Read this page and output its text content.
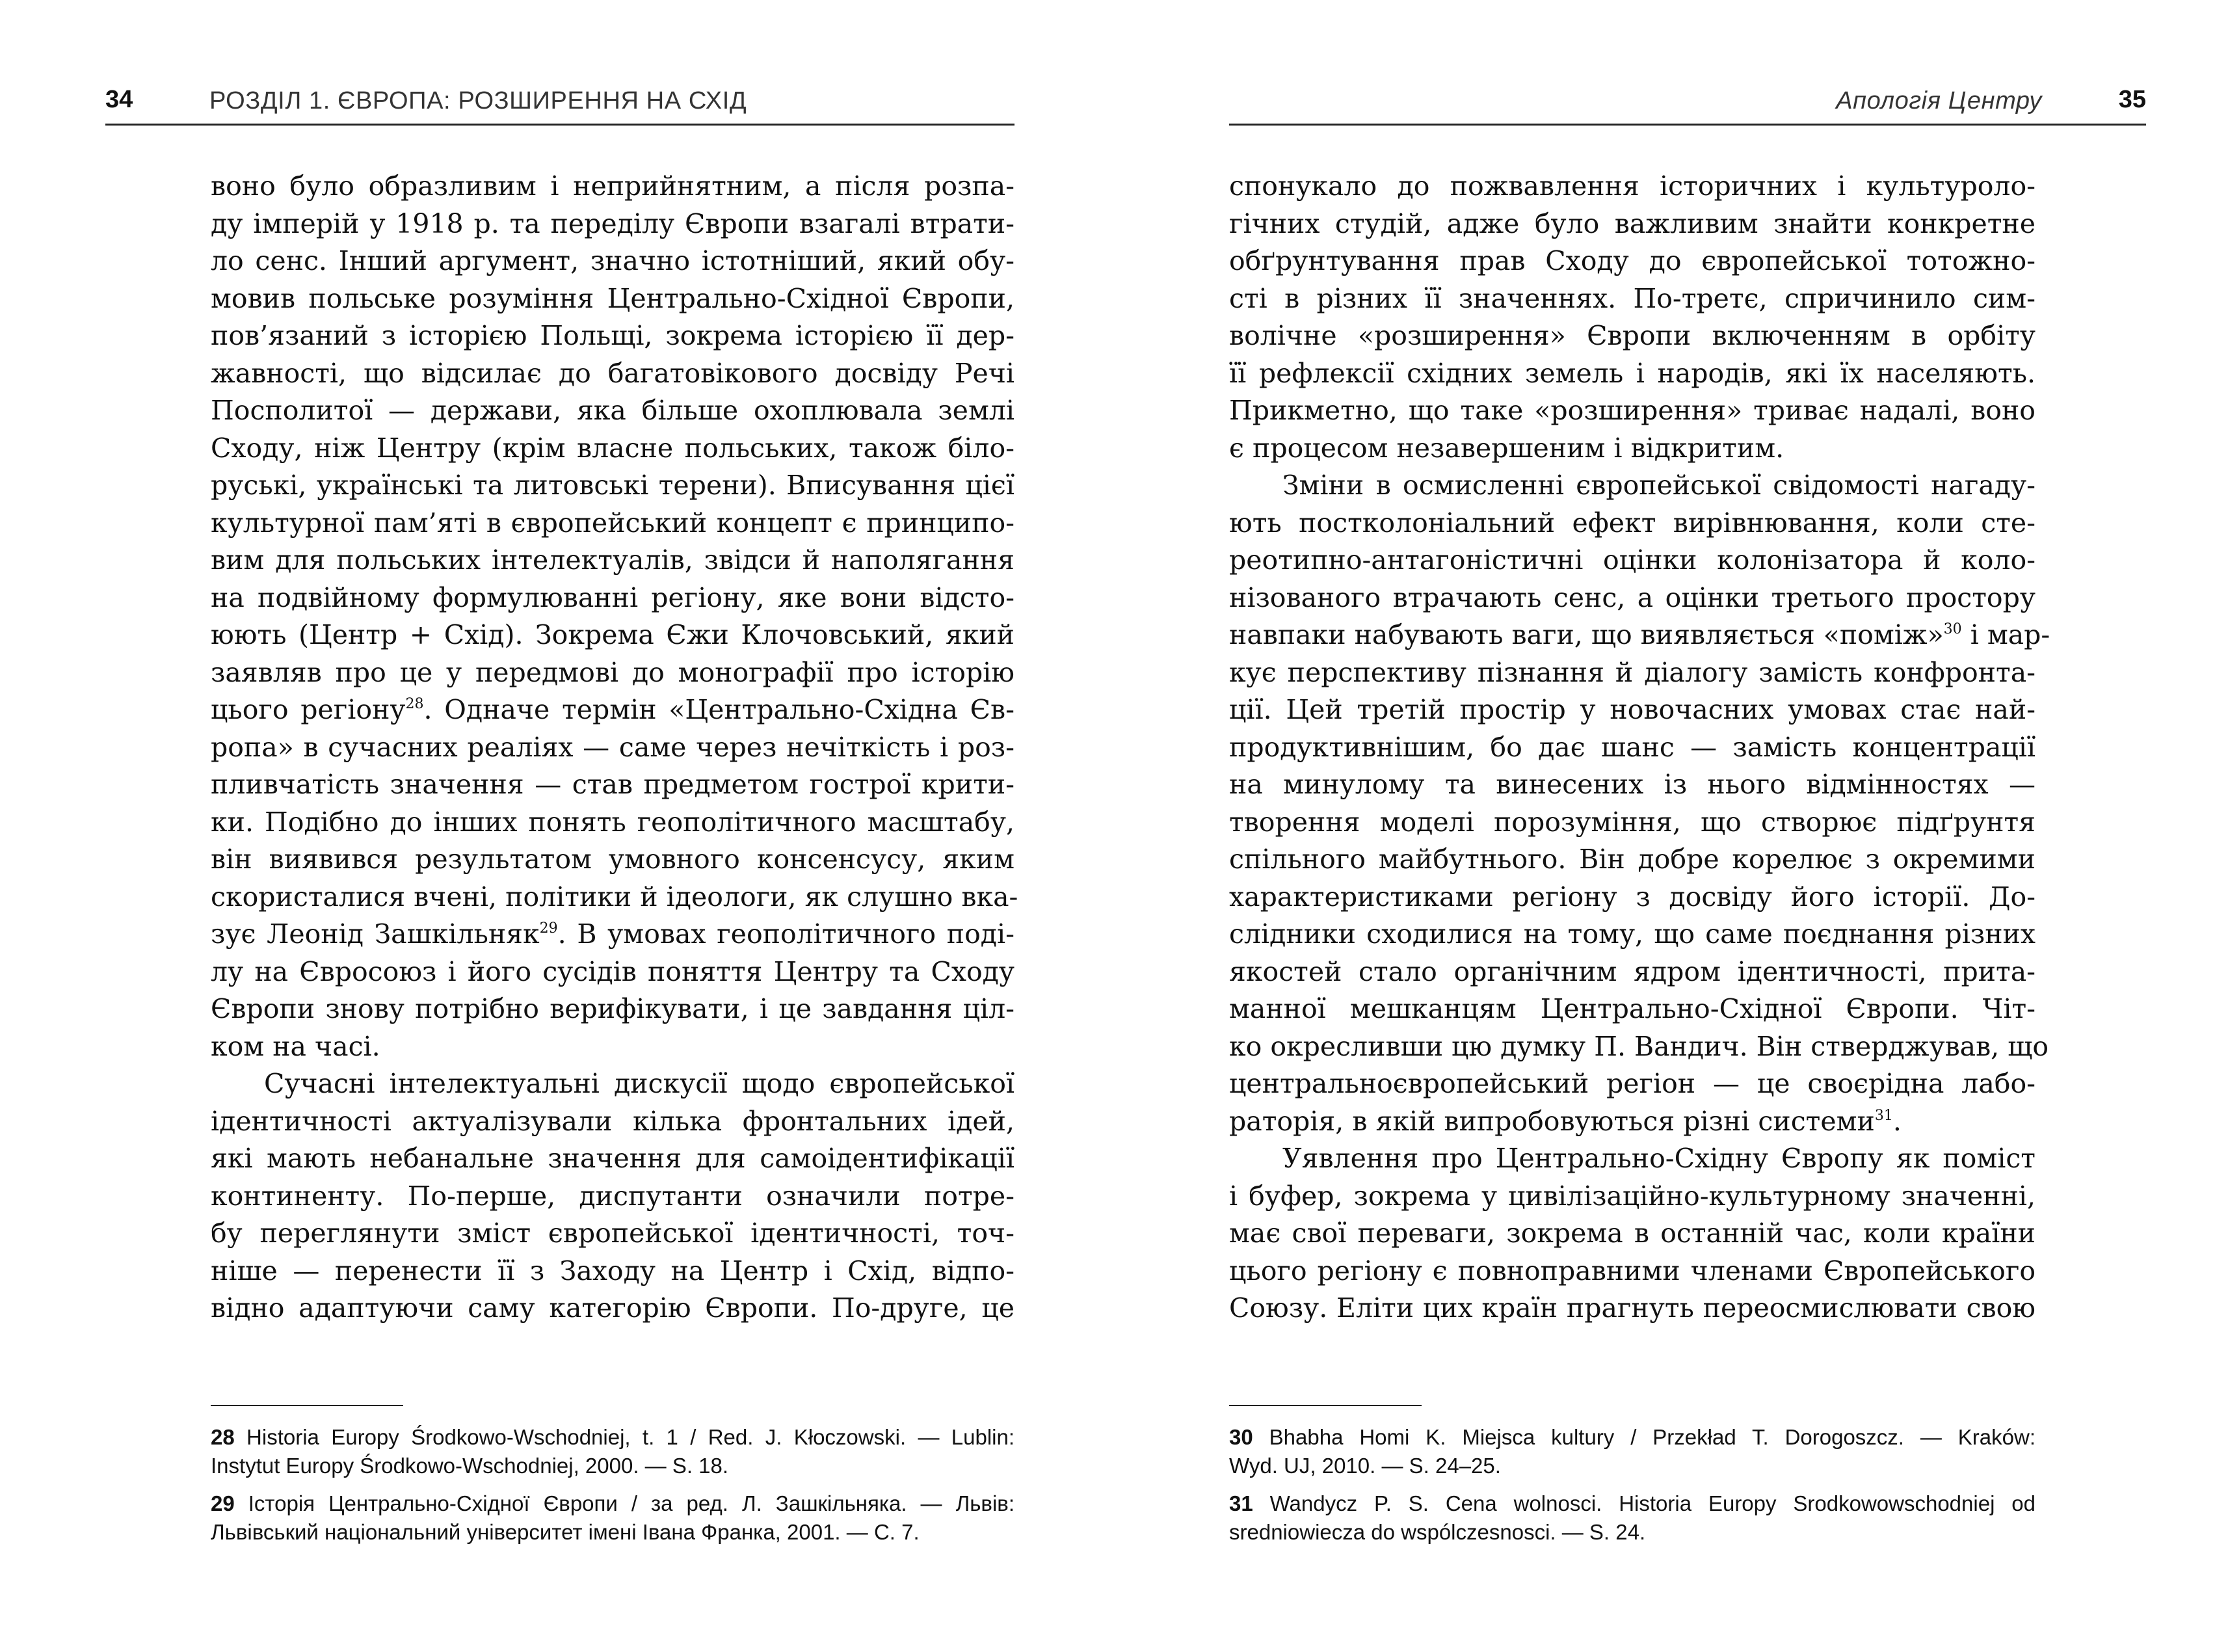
34	РОЗДІЛ 1. ЄВРОПА: РОЗШИРЕННЯ НА СХІД
воно було образливим і неприйнятним, а після розпа-
ду імперій у 1918 р. та переділу Європи взагалі втрати-
ло сенс. Інший аргумент, значно істотніший, який обу-
мовив польське розуміння Центрально-Східної Європи,
пов’язаний з історією Польщі, зокрема історією її дер-
жавності, що відсилає до багатовікового досвіду Речі
Посполитої — держави, яка більше охоплювала землі
Сходу, ніж Центру (крім власне польських, також біло-
руські, українські та литовські терени). Вписування цієї
культурної пам’яті в європейський концепт є принципо-
вим для польських інтелектуалів, звідси й наполягання
на подвійному формулюванні регіону, яке вони відсто-
юють (Центр + Схід). Зокрема Єжи Клочовський, який
заявляв про це у передмові до монографії про історію
цього регіону$^{28}$. Одначе термін «Центрально-Східна Єв-
ропа» в сучасних реаліях — саме через нечіткість і роз-
пливчатість значення — став предметом гострої крити-
ки. Подібно до інших понять геополітичного масштабу,
він виявився результатом умовного консенсусу, яким
скористалися вчені, політики й ідеологи, як слушно вка-
зує Леонід Зашкільняк$^{29}$. В умовах геополітичного поді-
лу на Євросоюз і його сусідів поняття Центру та Сходу
Європи знову потрібно верифікувати, і це завдання ціл-
ком на часі.
Сучасні інтелектуальні дискусії щодо європейської
ідентичності актуалізували кілька фронтальних ідей,
які мають небанальне значення для самоідентифікації
континенту. По-перше, диспутанти означили потре-
бу переглянути зміст європейської ідентичності, точ-
ніше — перенести її з Заходу на Центр і Схід, відпо-
відно адаптуючи саму категорію Європи. По-друге, це
28 Historia Europy Środkowo-Wschodniej, t. 1 / Red. J. Kłoczowski. — Lublin:
Instytut Europy Środkowo-Wschodniej, 2000. — S. 18.
29 Історія Центрально-Східної Європи / за ред. Л. Зашкільняка. — Львів:
Львівський національний університет імені Івана Франка, 2001. — С. 7.
Апологія Центру	35
спонукало до пожвавлення історичних і культуроло-
гічних студій, адже було важливим знайти конкретне
обґрунтування прав Сходу до європейської тотожно-
сті в різних її значеннях. По-третє, спричинило сим-
волічне «розширення» Європи включенням в орбіту
її рефлексії східних земель і народів, які їх населяють.
Прикметно, що таке «розширення» триває надалі, воно
є процесом незавершеним і відкритим.
Зміни в осмисленні європейської свідомості нагаду-
ють постколоніальний ефект вирівнювання, коли сте-
реотипно-антагоністичні оцінки колонізатора й коло-
нізованого втрачають сенс, а оцінки третього простору
навпаки набувають ваги, що виявляється «поміж»$^{30}$ і мар-
кує перспективу пізнання й діалогу замість конфронта-
ції. Цей третій простір у новочасних умовах стає най-
продуктивнішим, бо дає шанс — замість концентрації
на минулому та винесених із нього відмінностях —
творення моделі порозуміння, що створює підґрунтя
спільного майбутнього. Він добре корелює з окремими
характеристиками регіону з досвіду його історії. До-
слідники сходилися на тому, що саме поєднання різних
якостей стало органічним ядром ідентичності, прита-
манної мешканцям Центрально-Східної Європи. Чіт-
ко окресливши цю думку П. Вандич. Він стверджував, що
центральноєвропейський регіон — це своєрідна лабо-
раторія, в якій випробовуються різні системи$^{31}$.
Уявлення про Центрально-Східну Європу як поміст
і буфер, зокрема у цивілізаційно-культурному значенні,
має свої переваги, зокрема в останній час, коли країни
цього регіону є повноправними членами Європейського
Союзу. Еліти цих країн прагнуть переосмислювати свою
30 Bhabha Homi K. Miejsca kultury / Przekład T. Dorogoszcz. — Kraków:
Wyd. UJ, 2010. — S. 24–25.
31 Wandycz P. S. Cena wolnosci. Historia Europy Srodkowowschodniej od
sredniowiecza do wspólczesnosci. — S. 24.
